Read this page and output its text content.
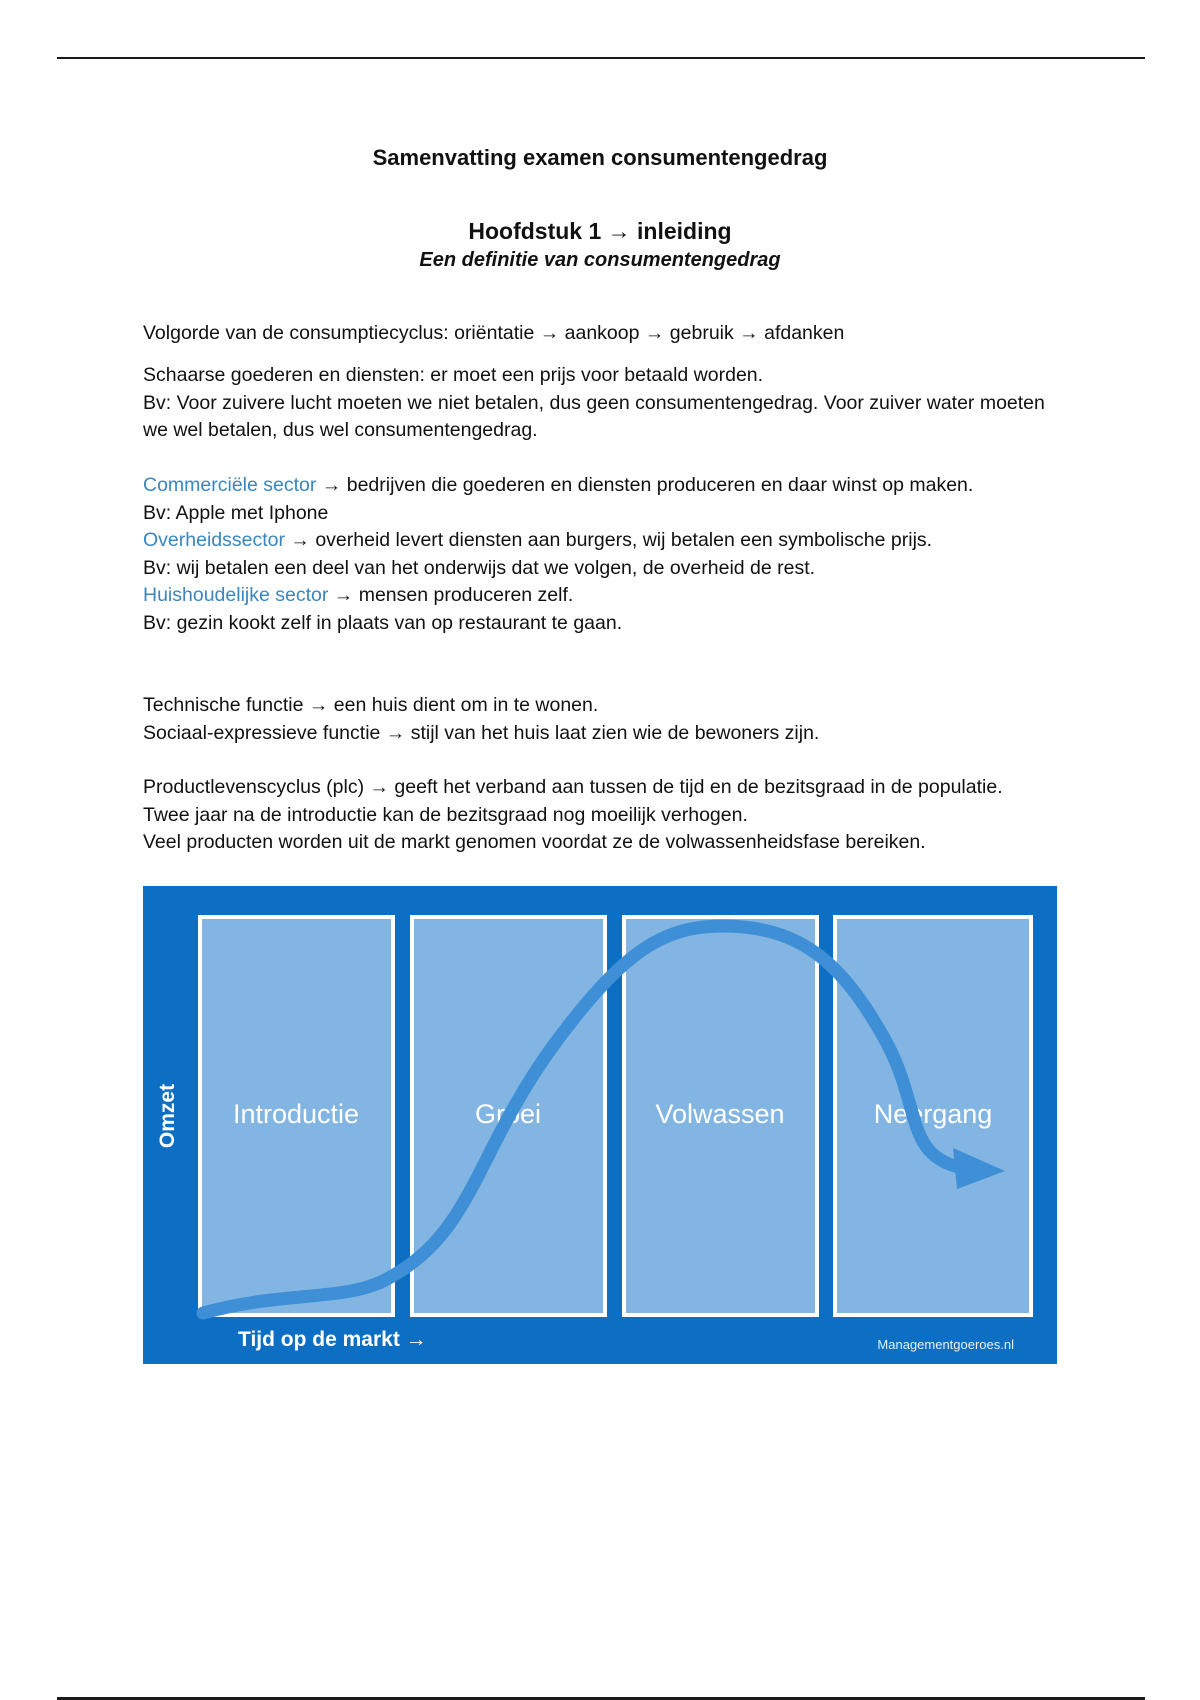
Samenvatting examen consumentengedrag
Hoofdstuk 1 → inleiding
Een definitie van consumentengedrag

Volgorde van de consumptiecyclus: oriëntatie → aankoop → gebruik → afdanken

Schaarse goederen en diensten: er moet een prijs voor betaald worden.

Bv: Voor zuivere lucht moeten we niet betalen, dus geen consumentengedrag. Voor zuiver water moeten we wel betalen, dus wel consumentengedrag.

Commerciële sector → bedrijven die goederen en diensten produceren en daar winst op maken.

Bv: Apple met Iphone

Overheidssector → overheid levert diensten aan burgers, wij betalen een symbolische prijs.

Bv: wij betalen een deel van het onderwijs dat we volgen, de overheid de rest.

Huishoudelijke sector → mensen produceren zelf.

Bv: gezin kookt zelf in plaats van op restaurant te gaan.

Technische functie → een huis dient om in te wonen.

Sociaal-expressieve functie → stijl van het huis laat zien wie de bewoners zijn.

Productlevenscyclus (plc) → geeft het verband aan tussen de tijd en de bezitsgraad in de populatie.

Twee jaar na de introductie kan de bezitsgraad nog moeilijk verhogen.

Veel producten worden uit de markt genomen voordat ze de volwassenheidsfase bereiken.

Introductie	Groei	Volwassen	Neergang
Omzet
Tijd op de markt →	Managementgoeroes.nl
